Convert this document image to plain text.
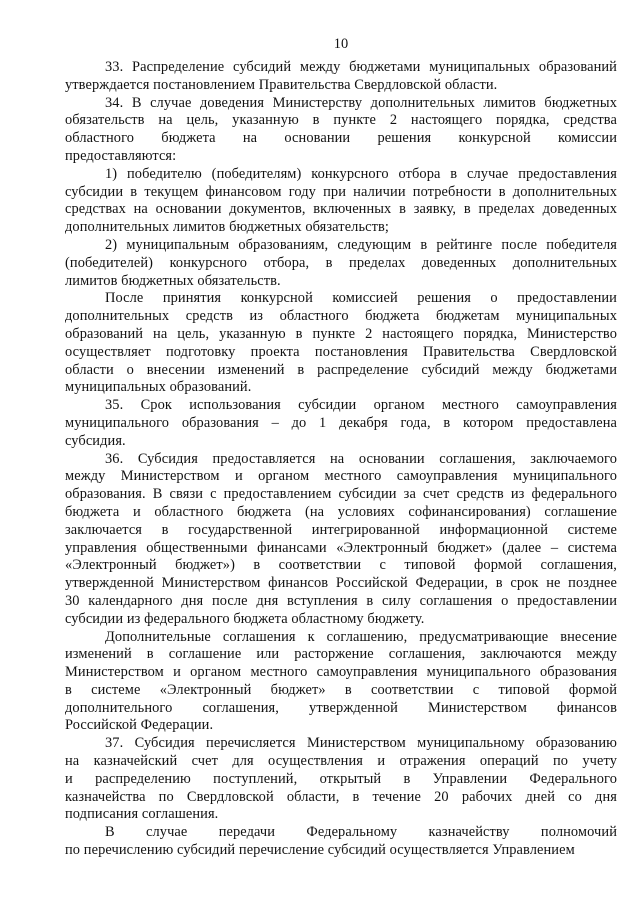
10
33. Распределение субсидий между бюджетами муниципальных образований
утверждается постановлением Правительства Свердловской области.
34. В случае доведения Министерству дополнительных лимитов бюджетных
обязательств на цель, указанную в пункте 2 настоящего порядка, средства
областного бюджета на основании решения конкурсной комиссии
предоставляются:
1) победителю (победителям) конкурсного отбора в случае предоставления
субсидии в текущем финансовом году при наличии потребности в дополнительных
средствах на основании документов, включенных в заявку, в пределах доведенных
дополнительных лимитов бюджетных обязательств;
2) муниципальным образованиям, следующим в рейтинге после победителя
(победителей) конкурсного отбора, в пределах доведенных дополнительных
лимитов бюджетных обязательств.
После принятия конкурсной комиссией решения о предоставлении
дополнительных средств из областного бюджета бюджетам муниципальных
образований на цель, указанную в пункте 2 настоящего порядка, Министерство
осуществляет подготовку проекта постановления Правительства Свердловской
области о внесении изменений в распределение субсидий между бюджетами
муниципальных образований.
35. Срок использования субсидии органом местного самоуправления
муниципального образования – до 1 декабря года, в котором предоставлена
субсидия.
36. Субсидия предоставляется на основании соглашения, заключаемого
между Министерством и органом местного самоуправления муниципального
образования. В связи с предоставлением субсидии за счет средств из федерального
бюджета и областного бюджета (на условиях софинансирования) соглашение
заключается в государственной интегрированной информационной системе
управления общественными финансами «Электронный бюджет» (далее – система
«Электронный бюджет») в соответствии с типовой формой соглашения,
утвержденной Министерством финансов Российской Федерации, в срок не позднее
30 календарного дня после дня вступления в силу соглашения о предоставлении
субсидии из федерального бюджета областному бюджету.
Дополнительные соглашения к соглашению, предусматривающие внесение
изменений в соглашение или расторжение соглашения, заключаются между
Министерством и органом местного самоуправления муниципального образования
в системе «Электронный бюджет» в соответствии с типовой формой
дополнительного соглашения, утвержденной Министерством финансов
Российской Федерации.
37. Субсидия перечисляется Министерством муниципальному образованию
на казначейский счет для осуществления и отражения операций по учету
и распределению поступлений, открытый в Управлении Федерального
казначейства по Свердловской области, в течение 20 рабочих дней со дня
подписания соглашения.
В случае передачи Федеральному казначейству полномочий
по перечислению субсидий перечисление субсидий осуществляется Управлением
